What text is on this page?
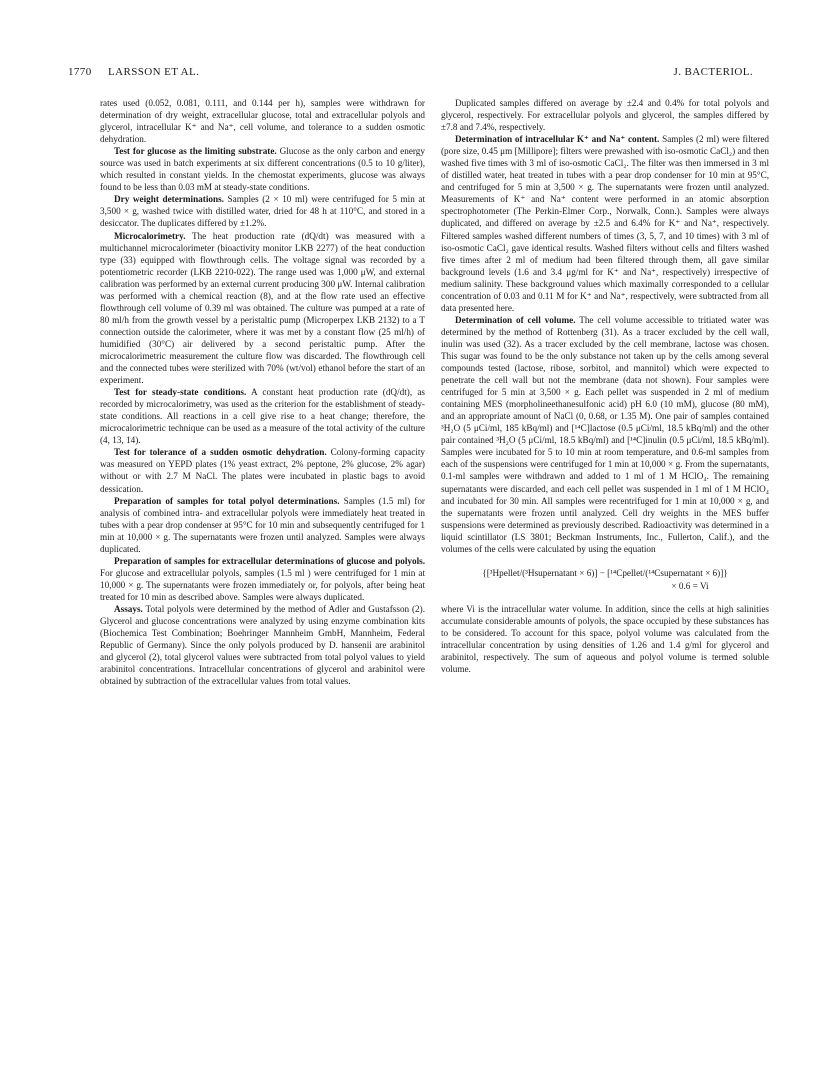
1770 LARSSON ET AL.	J. BACTERIOL.

rates used (0.052, 0.081, 0.111, and 0.144 per h), samples were withdrawn for determination of dry weight, extracellular glucose, total and extracellular polyols and glycerol, intracellular K⁺ and Na⁺, cell volume, and tolerance to a sudden osmotic dehydration.

Test for glucose as the limiting substrate. Glucose as the only carbon and energy source was used in batch experiments at six different concentrations (0.5 to 10 g/liter), which resulted in constant yields. In the chemostat experiments, glucose was always found to be less than 0.03 mM at steady-state conditions.

Dry weight determinations. Samples (2 × 10 ml) were centrifuged for 5 min at 3,500 × g, washed twice with distilled water, dried for 48 h at 110°C, and stored in a desiccator. The duplicates differed by ±1.2%.

Microcalorimetry. The heat production rate (dQ/dt) was measured with a multichannel microcalorimeter (bioactivity monitor LKB 2277) of the heat conduction type (33) equipped with flowthrough cells. The voltage signal was recorded by a potentiometric recorder (LKB 2210-022). The range used was 1,000 μW, and external calibration was performed by an external current producing 300 μW. Internal calibration was performed with a chemical reaction (8), and at the flow rate used an effective flowthrough cell volume of 0.39 ml was obtained. The culture was pumped at a rate of 80 ml/h from the growth vessel by a peristaltic pump (Microperpex LKB 2132) to a T connection outside the calorimeter, where it was met by a constant flow (25 ml/h) of humidified (30°C) air delivered by a second peristaltic pump. After the microcalorimetric measurement the culture flow was discarded. The flowthrough cell and the connected tubes were sterilized with 70% (wt/vol) ethanol before the start of an experiment.

Test for steady-state conditions. A constant heat production rate (dQ/dt), as recorded by microcalorimetry, was used as the criterion for the establishment of steady-state conditions. All reactions in a cell give rise to a heat change; therefore, the microcalorimetric technique can be used as a measure of the total activity of the culture (4, 13, 14).

Test for tolerance of a sudden osmotic dehydration. Colony-forming capacity was measured on YEPD plates (1% yeast extract, 2% peptone, 2% glucose, 2% agar) without or with 2.7 M NaCl. The plates were incubated in plastic bags to avoid dessication.

Preparation of samples for total polyol determinations. Samples (1.5 ml) for analysis of combined intra- and extracellular polyols were immediately heat treated in tubes with a pear drop condenser at 95°C for 10 min and subsequently centrifuged for 1 min at 10,000 × g. The supernatants were frozen until analyzed. Samples were always duplicated.

Preparation of samples for extracellular determinations of glucose and polyols. For glucose and extracellular polyols, samples (1.5 ml ) were centrifuged for 1 min at 10,000 × g. The supernatants were frozen immediately or, for polyols, after being heat treated for 10 min as described above. Samples were always duplicated.

Assays. Total polyols were determined by the method of Adler and Gustafsson (2). Glycerol and glucose concentrations were analyzed by using enzyme combination kits (Biochemica Test Combination; Boehringer Mannheim GmbH, Mannheim, Federal Republic of Germany). Since the only polyols produced by D. hansenii are arabinitol and glycerol (2), total glycerol values were subtracted from total polyol values to yield arabinitol concentrations. Intracellular concentrations of glycerol and arabinitol were obtained by subtraction of the extracellular values from total values.

Duplicated samples differed on average by ±2.4 and 0.4% for total polyols and glycerol, respectively. For extracellular polyols and glycerol, the samples differed by ±7.8 and 7.4%, respectively.

Determination of intracellular K⁺ and Na⁺ content. Samples (2 ml) were filtered (pore size, 0.45 μm [Millipore]; filters were prewashed with iso-osmotic CaCl₂) and then washed five times with 3 ml of iso-osmotic CaCl₂. The filter was then immersed in 3 ml of distilled water, heat treated in tubes with a pear drop condenser for 10 min at 95°C, and centrifuged for 5 min at 3,500 × g. The supernatants were frozen until analyzed. Measurements of K⁺ and Na⁺ content were performed in an atomic absorption spectrophotometer (The Perkin-Elmer Corp., Norwalk, Conn.). Samples were always duplicated, and differed on average by ±2.5 and 6.4% for K⁺ and Na⁺, respectively. Filtered samples washed different numbers of times (3, 5, 7, and 10 times) with 3 ml of iso-osmotic CaCl₂ gave identical results. Washed filters without cells and filters washed five times after 2 ml of medium had been filtered through them, all gave similar background levels (1.6 and 3.4 μg/ml for K⁺ and Na⁺, respectively) irrespective of medium salinity. These background values which maximally corresponded to a cellular concentration of 0.03 and 0.11 M for K⁺ and Na⁺, respectively, were subtracted from all data presented here.

Determination of cell volume. The cell volume accessible to tritiated water was determined by the method of Rottenberg (31). As a tracer excluded by the cell wall, inulin was used (32). As a tracer excluded by the cell membrane, lactose was chosen. This sugar was found to be the only substance not taken up by the cells among several compounds tested (lactose, ribose, sorbitol, and mannitol) which were expected to penetrate the cell wall but not the membrane (data not shown). Four samples were centrifuged for 5 min at 3,500 × g. Each pellet was suspended in 2 ml of medium containing MES (morpholineethanesulfonic acid) pH 6.0 (10 mM), glucose (80 mM), and an appropriate amount of NaCl (0, 0.68, or 1.35 M). One pair of samples contained ³H₂O (5 μCi/ml, 185 kBq/ml) and [¹⁴C]lactose (0.5 μCi/ml, 18.5 kBq/ml) and the other pair contained ³H₂O (5 μCi/ml, 18.5 kBq/ml) and [¹⁴C]inulin (0.5 μCi/ml, 18.5 kBq/ml). Samples were incubated for 5 to 10 min at room temperature, and 0.6-ml samples from each of the suspensions were centrifuged for 1 min at 10,000 × g. From the supernatants, 0.1-ml samples were withdrawn and added to 1 ml of 1 M HClO₄. The remaining supernatants were discarded, and each cell pellet was suspended in 1 ml of 1 M HClO₄ and incubated for 30 min. All samples were recentrifuged for 1 min at 10,000 × g, and the supernatants were frozen until analyzed. Cell dry weights in the MES buffer suspensions were determined as previously described. Radioactivity was determined in a liquid scintillator (LS 3801; Beckman Instruments, Inc., Fullerton, Calif.), and the volumes of the cells were calculated by using the equation

{[³Hpellet/(³Hsupernatant × 6)] − [¹⁴Cpellet/(¹⁴Csupernatant × 6)]}
× 0.6 = Vi

where Vi is the intracellular water volume. In addition, since the cells at high salinities accumulate considerable amounts of polyols, the space occupied by these substances has to be considered. To account for this space, polyol volume was calculated from the intracellular concentration by using densities of 1.26 and 1.4 g/ml for glycerol and arabinitol, respectively. The sum of aqueous and polyol volume is termed soluble volume.
